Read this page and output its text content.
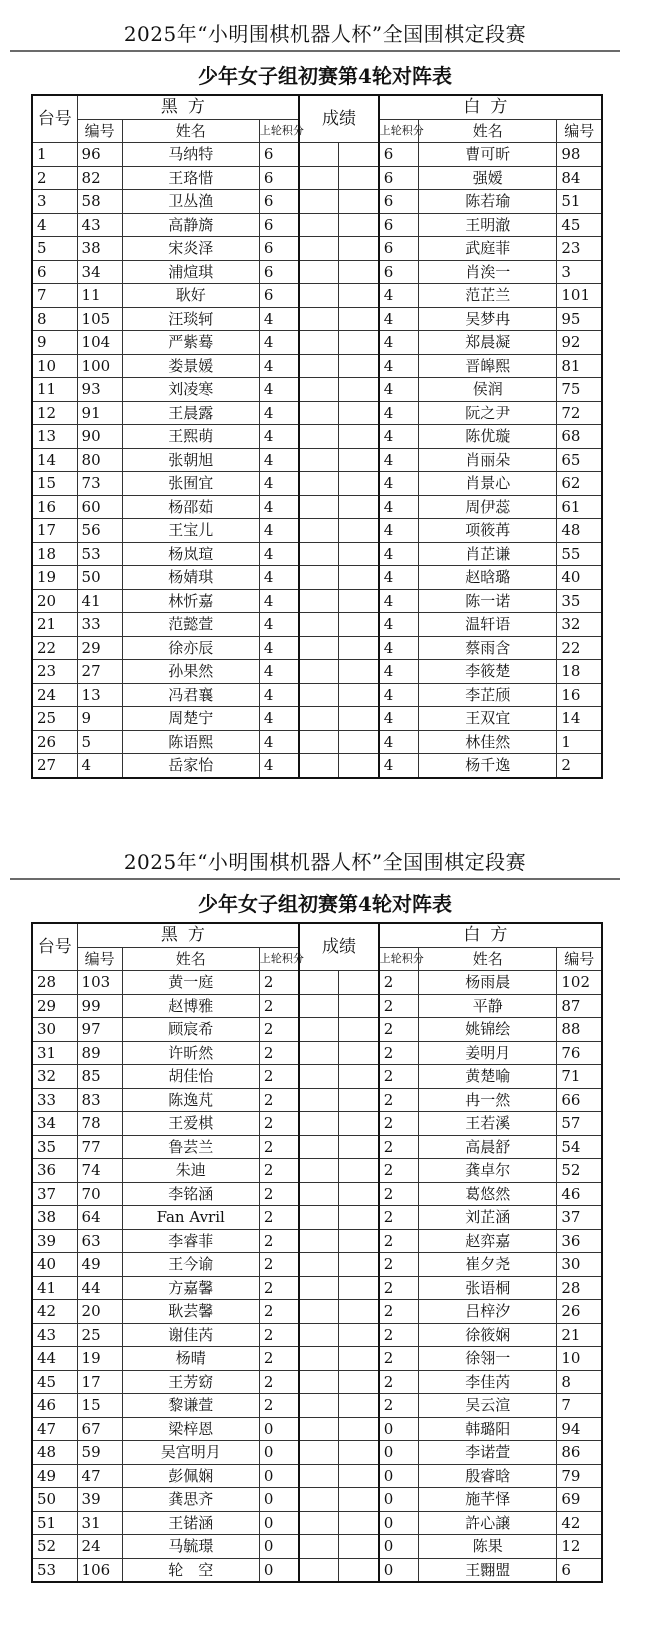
2025年“小明围棋机器人杯”全国围棋定段赛
少年女子组初赛第4轮对阵表
台号	黑方			成绩		白方		
	编号	姓名	上轮积分			上轮积分	姓名	编号
1	96	马纳特	6			6	曹可昕	98
2	82	王珞惜	6			6	强嫒	84
3	58	卫丛渔	6			6	陈若瑜	51
4	43	高静旖	6			6	王明澈	45
5	38	宋炎泽	6			6	武庭菲	23
6	34	浦煊琪	6			6	肖涘一	3
7	11	耿好	6			4	范芷兰	101
8	105	汪琰轲	4			4	吴梦冉	95
9	104	严紫蓦	4			4	郑晨凝	92
10	100	娄景媛	4			4	晋皞熙	81
11	93	刘凌寒	4			4	侯润	75
12	91	王晨露	4			4	阮之尹	72
13	90	王熙萌	4			4	陈优璇	68
14	80	张朝旭	4			4	肖丽朵	65
15	73	张囿宜	4			4	肖景心	62
16	60	杨邵茹	4			4	周伊蕊	61
17	56	王宝儿	4			4	项筱苒	48
18	53	杨岚瑄	4			4	肖芷谦	55
19	50	杨婧琪	4			4	赵晗璐	40
20	41	林忻嘉	4			4	陈一诺	35
21	33	范懿萱	4			4	温轩语	32
22	29	徐亦辰	4			4	蔡雨含	22
23	27	孙果然	4			4	李筱楚	18
24	13	冯君襄	4			4	李芷颀	16
25	9	周楚宁	4			4	王双宜	14
26	5	陈语熙	4			4	林佳然	1
27	4	岳家怡	4			4	杨千逸	2
2025年“小明围棋机器人杯”全国围棋定段赛
少年女子组初赛第4轮对阵表
台号	黑方			成绩		白方		
	编号	姓名	上轮积分			上轮积分	姓名	编号
28	103	黄一庭	2			2	杨雨晨	102
29	99	赵博雅	2			2	平静	87
30	97	顾宸希	2			2	姚锦绘	88
31	89	许昕然	2			2	姜明月	76
32	85	胡佳怡	2			2	黄楚喻	71
33	83	陈逸芃	2			2	冉一然	66
34	78	王爱棋	2			2	王若溪	57
35	77	鲁芸兰	2			2	高晨舒	54
36	74	朱迪	2			2	龚卓尔	52
37	70	李铭涵	2			2	葛悠然	46
38	64	Fan Avril	2			2	刘芷涵	37
39	63	李睿菲	2			2	赵弈嘉	36
40	49	王今谕	2			2	崔夕尧	30
41	44	方嘉馨	2			2	张语桐	28
42	20	耿芸馨	2			2	吕梓汐	26
43	25	谢佳芮	2			2	徐筱娴	21
44	19	杨晴	2			2	徐翎一	10
45	17	王芳窈	2			2	李佳芮	8
46	15	黎谦萱	2			2	吴云渲	7
47	67	梁梓恩	0			0	韩璐阳	94
48	59	吴宫明月	0			0	李诺萱	86
49	47	彭佩娴	0			0	殷睿晗	79
50	39	龚思齐	0			0	施芊怿	69
51	31	王锘涵	0			0	許心譲	42
52	24	马毓璟	0			0	陈果	12
53	106	轮　空	0			0	王翾盟	6
